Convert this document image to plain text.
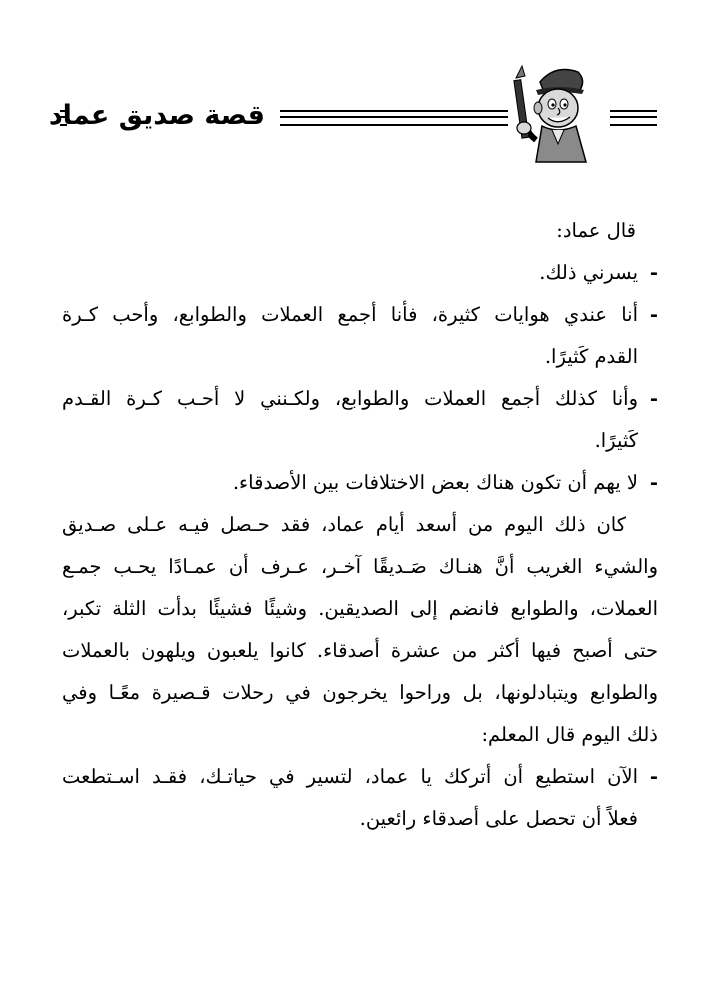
قصة صديق عماد

قال عماد:

-
يسرني ذلك.
-
أنا عندي هوايات كثيرة، فأنا أجمع العملات والطوابع، وأحب كـرة
القدم كَثيرًا.
-
وأنا كذلك أجمع العملات والطوابع، ولكـنني لا أحـب كـرة القـدم
كَثيرًا.
-
لا يهم أن تكون هناك بعض الاختلافات بين الأصدقاء.
كان ذلك اليوم من أسعد أيام عماد، فقد حـصل فيـه عـلى صـديق
والشيء الغريب أنَّ هنـاك صَـديقًا آخـر، عـرف أن عمـادًا يحـب جمـع
العملات، والطوابع فانضم إلى الصديقين. وشيئًا فشيئًا بدأت الثلة تكبر،
حتى أصبح فيها أكثر من عشرة أصدقاء. كانوا يلعبون ويلهون بالعملات
والطوابع ويتبادلونها، بل وراحوا يخرجون في رحلات قـصيرة معًـا وفي
ذلك اليوم قال المعلم:
-
الآن استطيع أن أتركك يا عماد، لتسير في حياتـك، فقـد اسـتطعت
فعلاً أن تحصل على أصدقاء رائعين.
